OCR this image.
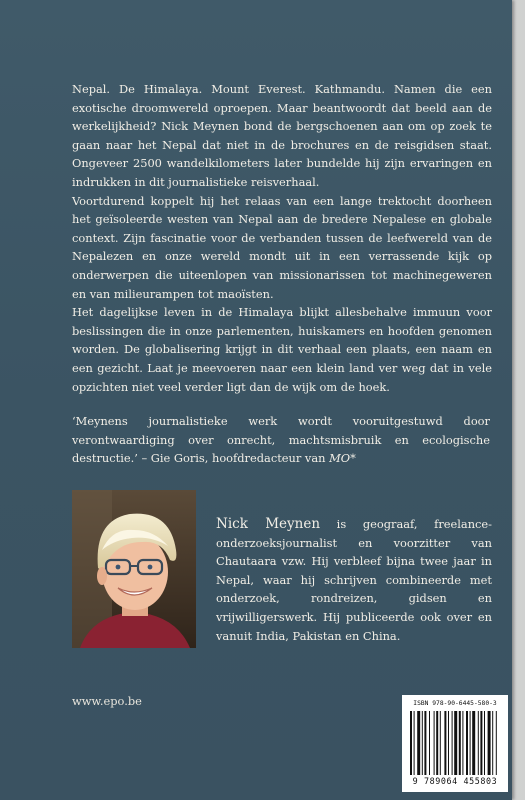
Nepal. De Himalaya. Mount Everest. Kathmandu. Namen die een exotische droomwereld oproepen. Maar beantwoordt dat beeld aan de werkelijkheid? Nick Meynen bond de bergschoenen aan om op zoek te gaan naar het Nepal dat niet in de brochures en de reisgidsen staat. Ongeveer 2500 wandelkilometers later bundelde hij zijn ervaringen en indrukken in dit journalistieke reisverhaal.

Voortdurend koppelt hij het relaas van een lange trektocht doorheen het geïsoleerde westen van Nepal aan de bredere Nepalese en globale context. Zijn fascinatie voor de verbanden tussen de leefwereld van de Nepalezen en onze wereld mondt uit in een verrassende kijk op onderwerpen die uiteenlopen van missionarissen tot machinegeweren en van milieurampen tot maoïsten.

Het dagelijkse leven in de Himalaya blijkt allesbehalve immuun voor beslissingen die in onze parlementen, huiskamers en hoofden genomen worden. De globalisering krijgt in dit verhaal een plaats, een naam en een gezicht. Laat je meevoeren naar een klein land ver weg dat in vele opzichten niet veel verder ligt dan de wijk om de hoek.

‘Meynens journalistieke werk wordt vooruitgestuwd door verontwaardiging over onrecht, machtsmisbruik en ecologische destructie.’ – Gie Goris, hoofdredacteur van MO*

Nick Meynen is geograaf, freelance-onderzoeksjournalist en voorzitter van Chautaara vzw. Hij verbleef bijna twee jaar in Nepal, waar hij schrijven combineerde met onderzoek, rondreizen, gidsen en vrijwilligerswerk. Hij publiceerde ook over en vanuit India, Pakistan en China.

www.epo.be	ISBN 978-90-6445-580-3
9 789064 455803
